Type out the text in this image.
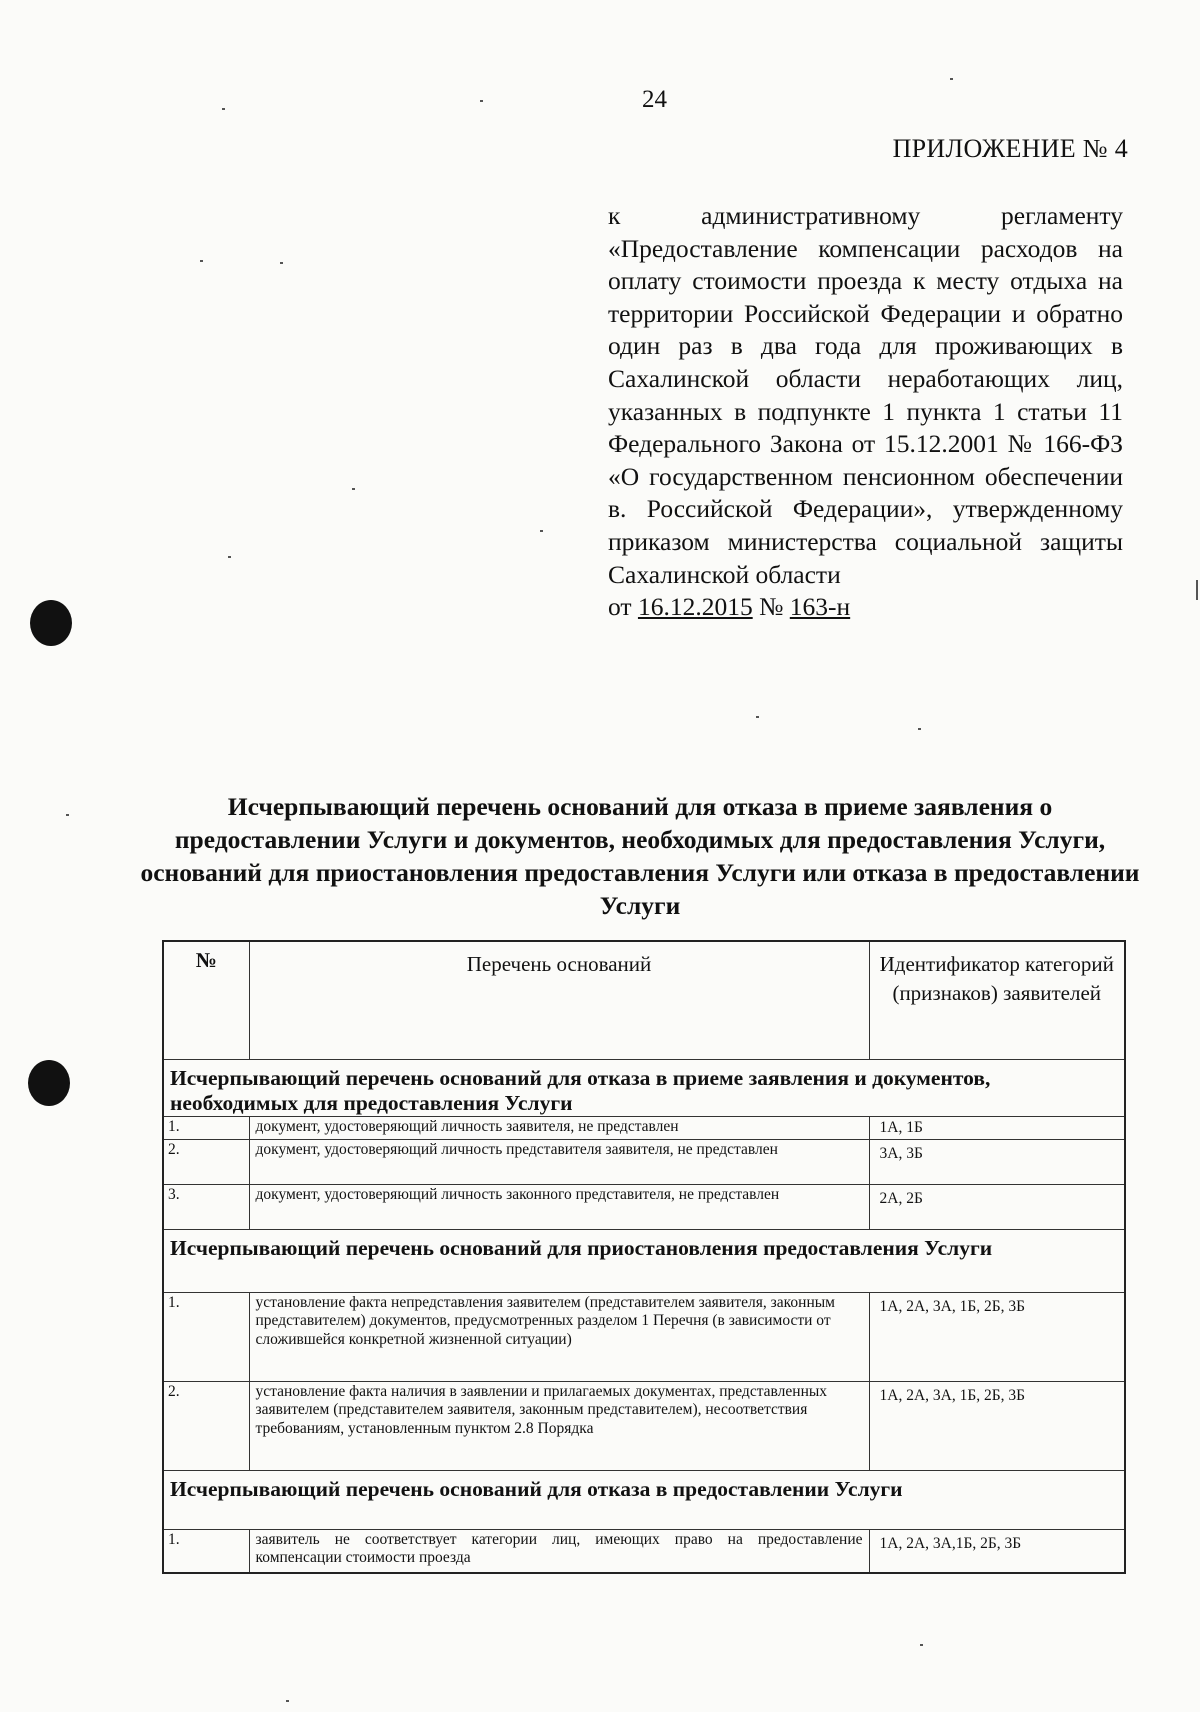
24
ПРИЛОЖЕНИЕ № 4
к административному регламенту «Предоставление компенсации расходов на оплату стоимости проезда к месту отдыха на территории Российской Федерации и обратно один раз в два года для проживающих в Сахалинской области неработающих лиц, указанных в подпункте 1 пункта 1 статьи 11 Федерального Закона от 15.12.2001 № 166-ФЗ «О государственном пенсионном обеспечении в. Российской Федерации», утвержденному приказом министерства социальной защиты Сахалинской области
от 16.12.2015 № 163-н
Исчерпывающий перечень оснований для отказа в приеме заявления о предоставлении Услуги и документов, необходимых для предоставления Услуги, оснований для приостановления предоставления Услуги или отказа в предоставлении Услуги
№	Перечень оснований	Идентификатор категорий (признаков) заявителей
Исчерпывающий перечень оснований для отказа в приеме заявления и документов, необходимых для предоставления Услуги		
1.	документ, удостоверяющий личность заявителя, не представлен	1А, 1Б
2.	документ, удостоверяющий личность представителя заявителя, не представлен	3А, 3Б
3.	документ, удостоверяющий личность законного представителя, не представлен	2А, 2Б
Исчерпывающий перечень оснований для приостановления предоставления Услуги		
1.	установление факта непредставления заявителем (представителем заявителя, законным представителем) документов, предусмотренных разделом 1 Перечня (в зависимости от сложившейся конкретной жизненной ситуации)	1А, 2А, 3А, 1Б, 2Б, 3Б
2.	установление факта наличия в заявлении и прилагаемых документах, представленных заявителем (представителем заявителя, законным представителем), несоответствия требованиям, установленным пунктом 2.8 Порядка	1А, 2А, 3А, 1Б, 2Б, 3Б
Исчерпывающий перечень оснований для отказа в предоставлении Услуги		
1.	заявитель не соответствует категории лиц, имеющих право на предоставление компенсации стоимости проезда	1А, 2А, 3А,1Б, 2Б, 3Б
